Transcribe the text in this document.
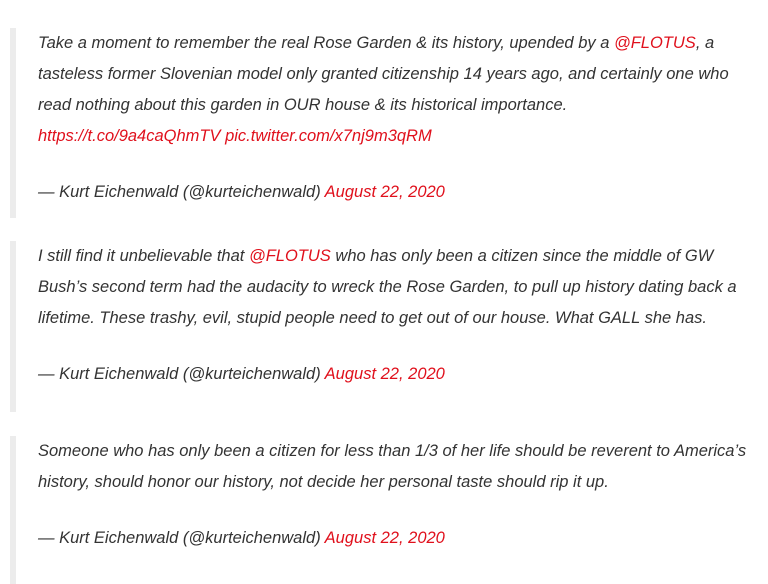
Take a moment to remember the real Rose Garden & its history, upended by a @FLOTUS, a tasteless former Slovenian model only granted citizenship 14 years ago, and certainly one who read nothing about this garden in OUR house & its historical importance. https://t.co/9a4caQhmTV pic.twitter.com/x7nj9m3qRM

— Kurt Eichenwald (@kurteichenwald) August 22, 2020

I still find it unbelievable that @FLOTUS who has only been a citizen since the middle of GW Bush’s second term had the audacity to wreck the Rose Garden, to pull up history dating back a lifetime. These trashy, evil, stupid people need to get out of our house. What GALL she has.

— Kurt Eichenwald (@kurteichenwald) August 22, 2020

Someone who has only been a citizen for less than 1/3 of her life should be reverent to America’s history, should honor our history, not decide her personal taste should rip it up.

— Kurt Eichenwald (@kurteichenwald) August 22, 2020
